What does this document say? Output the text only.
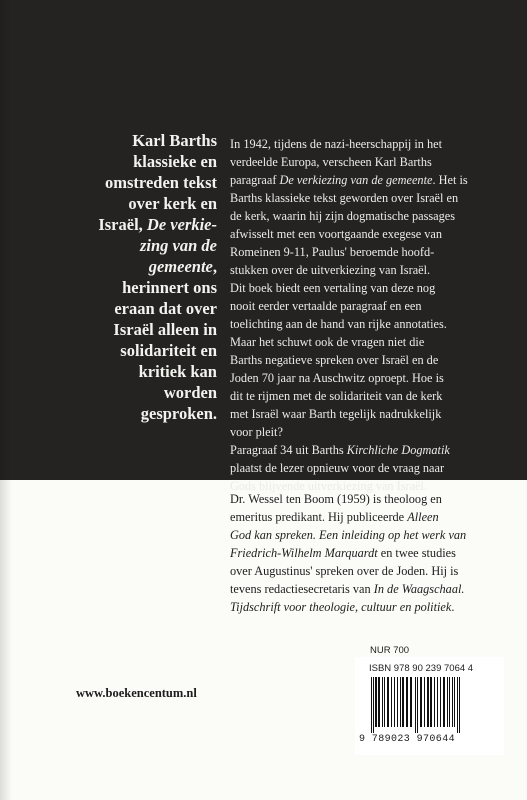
Karl Barths
klassieke en
omstreden tekst
over kerk en
Israël, De verkie-
zing van de
gemeente,
herinnert ons
eraan dat over
Israël alleen in
solidariteit en
kritiek kan
worden
gesproken.
In 1942, tijdens de nazi-heerschappij in het
verdeelde Europa, verscheen Karl Barths
paragraaf De verkiezing van de gemeente. Het is
Barths klassieke tekst geworden over Israël en
de kerk, waarin hij zijn dogmatische passages
afwisselt met een voortgaande exegese van
Romeinen 9-11, Paulus' beroemde hoofd-
stukken over de uitverkiezing van Israël.
Dit boek biedt een vertaling van deze nog
nooit eerder vertaalde paragraaf en een
toelichting aan de hand van rijke annotaties.
Maar het schuwt ook de vragen niet die
Barths negatieve spreken over Israël en de
Joden 70 jaar na Auschwitz oproept. Hoe is
dit te rijmen met de solidariteit van de kerk
met Israël waar Barth tegelijk nadrukkelijk
voor pleit?
Paragraaf 34 uit Barths Kirchliche Dogmatik
plaatst de lezer opnieuw voor de vraag naar
Gods blijvende uitverkiezing van Israël.
Dr. Wessel ten Boom (1959) is theoloog en
emeritus predikant. Hij publiceerde Alleen
God kan spreken. Een inleiding op het werk van
Friedrich-Wilhelm Marquardt en twee studies
over Augustinus' spreken over de Joden. Hij is
tevens redactiesecretaris van In de Waagschaal.
Tijdschrift voor theologie, cultuur en politiek.
www.boekencentum.nl
NUR 700
ISBN 978 90 239 7064 4
9 789023 970644
